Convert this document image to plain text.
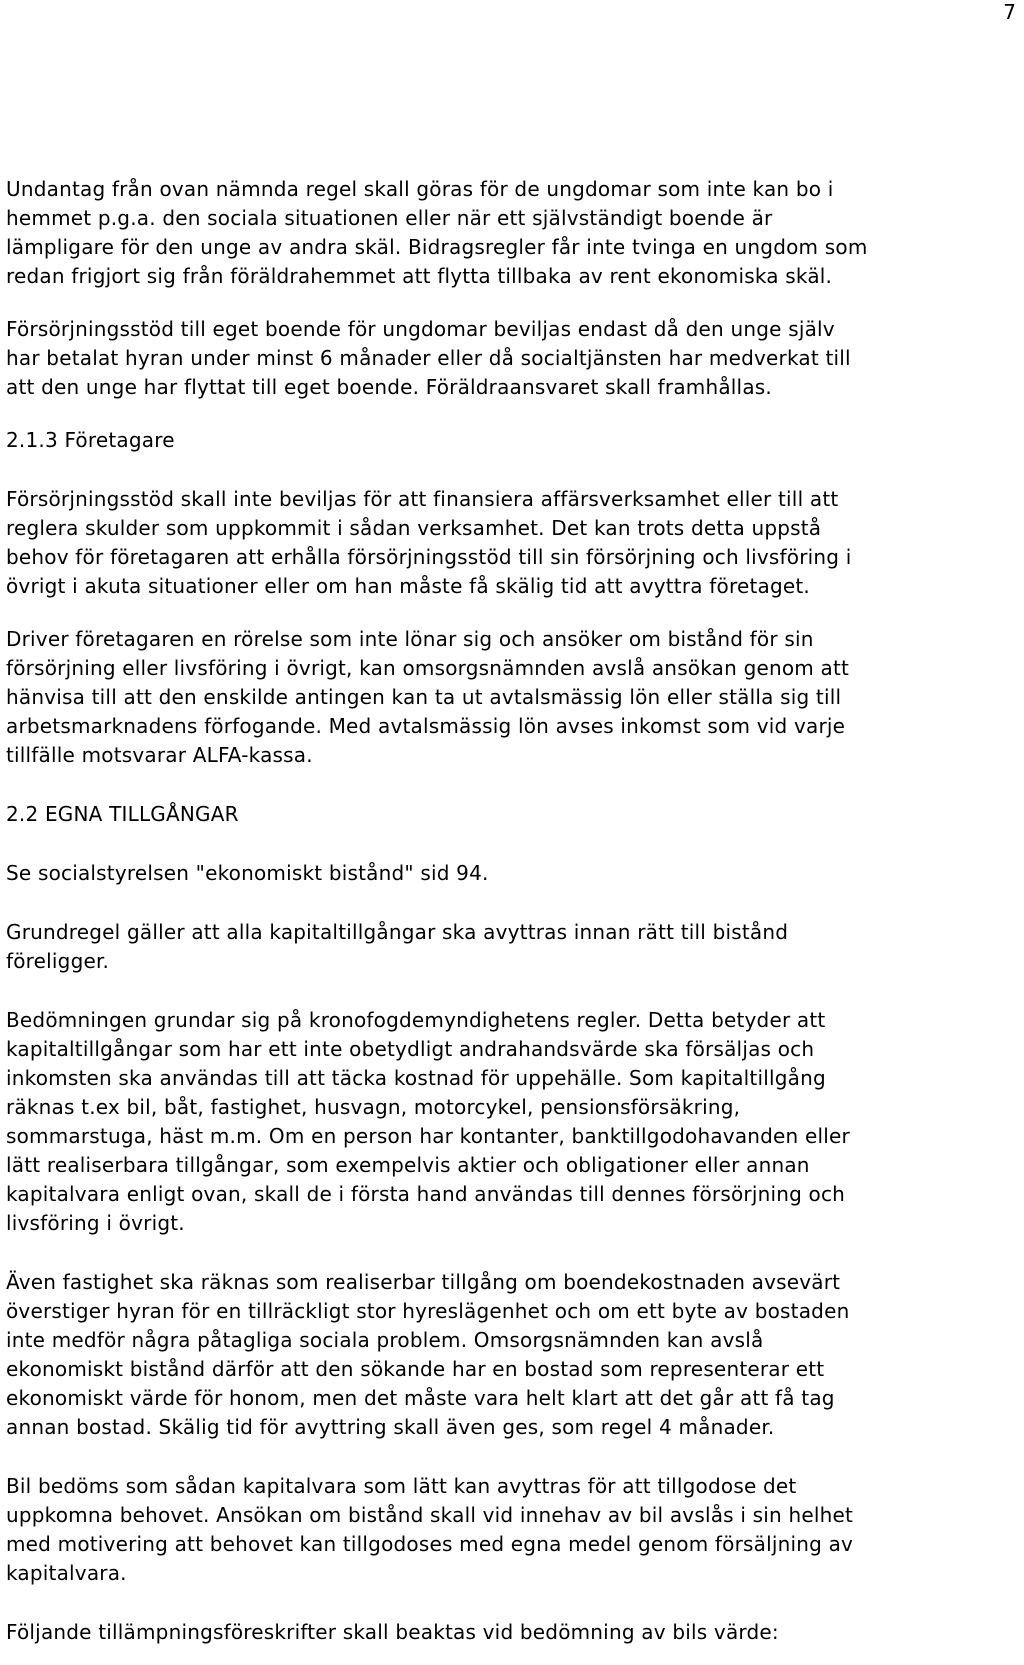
7

Undantag från ovan nämnda regel skall göras för de ungdomar som inte kan bo i
hemmet p.g.a. den sociala situationen eller när ett självständigt boende är
lämpligare för den unge av andra skäl. Bidragsregler får inte tvinga en ungdom som
redan frigjort sig från föräldrahemmet att flytta tillbaka av rent ekonomiska skäl.

Försörjningsstöd till eget boende för ungdomar beviljas endast då den unge själv
har betalat hyran under minst 6 månader eller då socialtjänsten har medverkat till
att den unge har flyttat till eget boende. Föräldraansvaret skall framhållas.

2.1.3 Företagare

Försörjningsstöd skall inte beviljas för att finansiera affärsverksamhet eller till att
reglera skulder som uppkommit i sådan verksamhet. Det kan trots detta uppstå
behov för företagaren att erhålla försörjningsstöd till sin försörjning och livsföring i
övrigt i akuta situationer eller om han måste få skälig tid att avyttra företaget.

Driver företagaren en rörelse som inte lönar sig och ansöker om bistånd för sin
försörjning eller livsföring i övrigt, kan omsorgsnämnden avslå ansökan genom att
hänvisa till att den enskilde antingen kan ta ut avtalsmässig lön eller ställa sig till
arbetsmarknadens förfogande. Med avtalsmässig lön avses inkomst som vid varje
tillfälle motsvarar ALFA-kassa.

2.2 EGNA TILLGÅNGAR

Se socialstyrelsen "ekonomiskt bistånd" sid 94.

Grundregel gäller att alla kapitaltillgångar ska avyttras innan rätt till bistånd
föreligger.

Bedömningen grundar sig på kronofogdemyndighetens regler. Detta betyder att
kapitaltillgångar som har ett inte obetydligt andrahandsvärde ska försäljas och
inkomsten ska användas till att täcka kostnad för uppehälle. Som kapitaltillgång
räknas t.ex bil, båt, fastighet, husvagn, motorcykel, pensionsförsäkring,
sommarstuga, häst m.m. Om en person har kontanter, banktillgodohavanden eller
lätt realiserbara tillgångar, som exempelvis aktier och obligationer eller annan
kapitalvara enligt ovan, skall de i första hand användas till dennes försörjning och
livsföring i övrigt.

Även fastighet ska räknas som realiserbar tillgång om boendekostnaden avsevärt
överstiger hyran för en tillräckligt stor hyreslägenhet och om ett byte av bostaden
inte medför några påtagliga sociala problem. Omsorgsnämnden kan avslå
ekonomiskt bistånd därför att den sökande har en bostad som representerar ett
ekonomiskt värde för honom, men det måste vara helt klart att det går att få tag
annan bostad. Skälig tid för avyttring skall även ges, som regel 4 månader.

Bil bedöms som sådan kapitalvara som lätt kan avyttras för att tillgodose det
uppkomna behovet. Ansökan om bistånd skall vid innehav av bil avslås i sin helhet
med motivering att behovet kan tillgodoses med egna medel genom försäljning av
kapitalvara.

Följande tillämpningsföreskrifter skall beaktas vid bedömning av bils värde:
